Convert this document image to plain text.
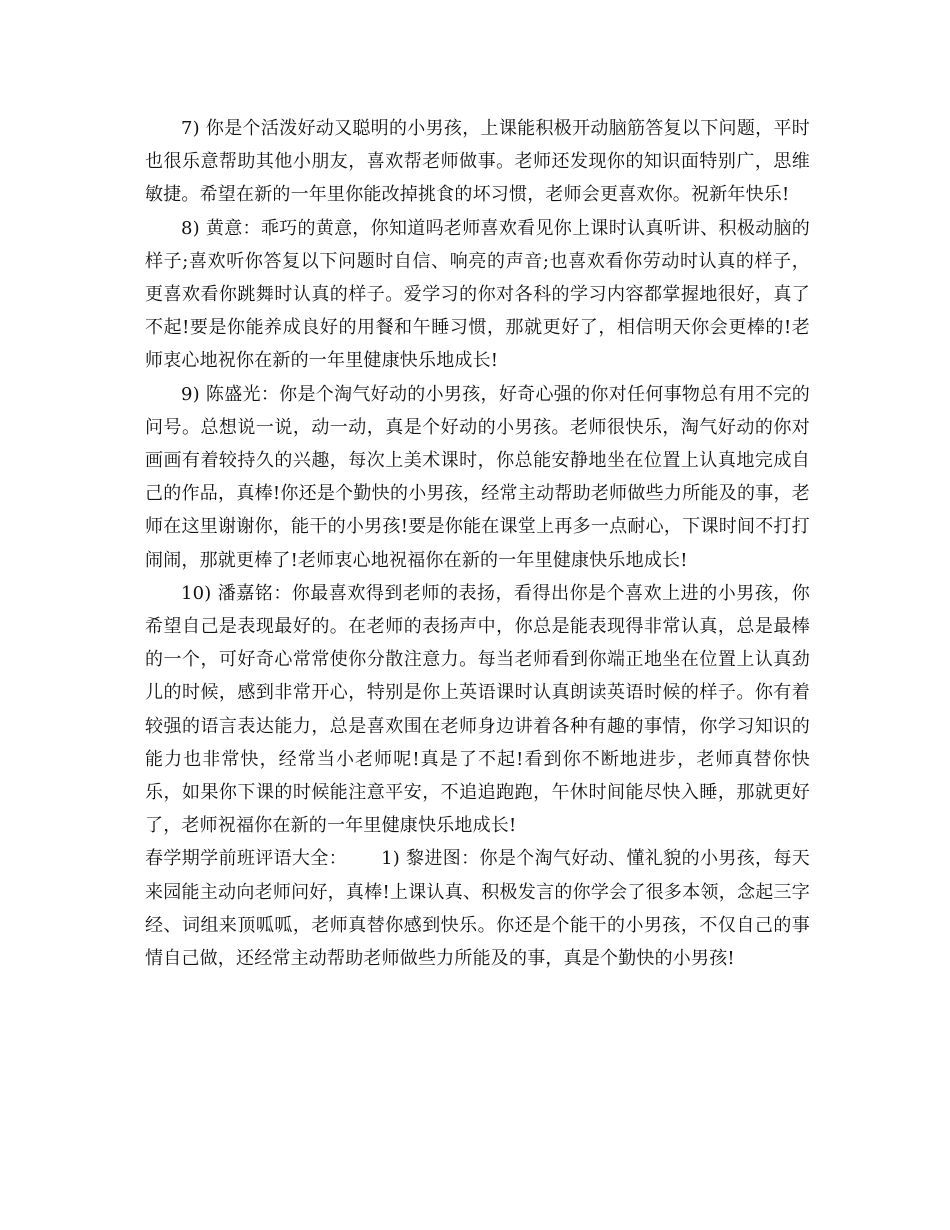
7) 你是个活泼好动又聪明的小男孩，上课能积极开动脑筋答复以下问题，平时也很乐意帮助其他小朋友，喜欢帮老师做事。老师还发现你的知识面特别广，思维敏捷。希望在新的一年里你能改掉挑食的坏习惯，老师会更喜欢你。祝新年快乐!

8) 黄意：乖巧的黄意，你知道吗老师喜欢看见你上课时认真听讲、积极动脑的样子;喜欢听你答复以下问题时自信、响亮的声音;也喜欢看你劳动时认真的样子，更喜欢看你跳舞时认真的样子。爱学习的你对各科的学习内容都掌握地很好，真了不起!要是你能养成良好的用餐和午睡习惯，那就更好了，相信明天你会更棒的!老师衷心地祝你在新的一年里健康快乐地成长!

9) 陈盛光：你是个淘气好动的小男孩，好奇心强的你对任何事物总有用不完的问号。总想说一说，动一动，真是个好动的小男孩。老师很快乐，淘气好动的你对画画有着较持久的兴趣，每次上美术课时，你总能安静地坐在位置上认真地完成自己的作品，真棒!你还是个勤快的小男孩，经常主动帮助老师做些力所能及的事，老师在这里谢谢你，能干的小男孩!要是你能在课堂上再多一点耐心，下课时间不打打闹闹，那就更棒了!老师衷心地祝福你在新的一年里健康快乐地成长!

10) 潘嘉铭：你最喜欢得到老师的表扬，看得出你是个喜欢上进的小男孩，你希望自己是表现最好的。在老师的表扬声中，你总是能表现得非常认真，总是最棒的一个，可好奇心常常使你分散注意力。每当老师看到你端正地坐在位置上认真劲儿的时候，感到非常开心，特别是你上英语课时认真朗读英语时候的样子。你有着较强的语言表达能力，总是喜欢围在老师身边讲着各种有趣的事情，你学习知识的能力也非常快，经常当小老师呢!真是了不起!看到你不断地进步，老师真替你快乐，如果你下课的时候能注意平安，不追追跑跑，午休时间能尽快入睡，那就更好了，老师祝福你在新的一年里健康快乐地成长!

春学期学前班评语大全： 1) 黎进图：你是个淘气好动、懂礼貌的小男孩，每天来园能主动向老师问好，真棒!上课认真、积极发言的你学会了很多本领，念起三字经、词组来顶呱呱，老师真替你感到快乐。你还是个能干的小男孩，不仅自己的事情自己做，还经常主动帮助老师做些力所能及的事，真是个勤快的小男孩!
